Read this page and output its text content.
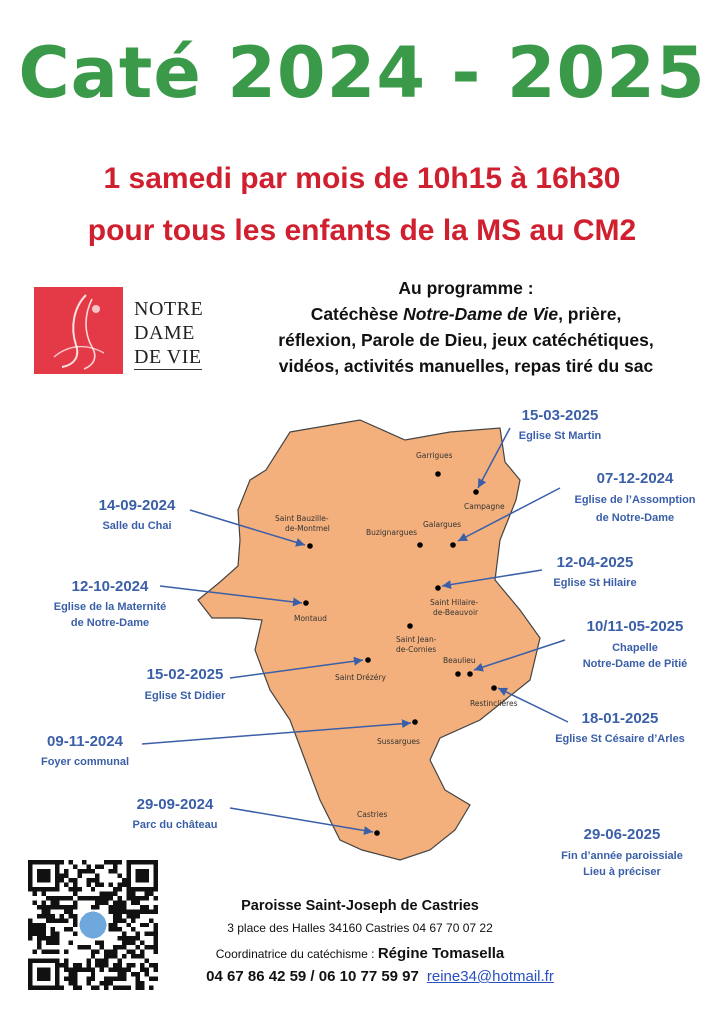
Caté 2024 - 2025
1 samedi par mois de 10h15 à 16h30
pour tous les enfants de la MS au CM2
NOTRE
DAME
DE VIE
Au programme :
Catéchèse Notre-Dame de Vie, prière,
réflexion, Parole de Dieu, jeux catéchétiques,
vidéos, activités manuelles, repas tiré du sac
Garrigues
Campagne
Saint Bauzille-
de-Montmel	Galargues
Buzignargues
Saint Hilaire-
de-Beauvoir
Montaud
Saint Jean-
de-Cornies
Beaulieu
Saint Drézéry
Restinclières
Sussargues
Castries
15-03-2025
Eglise St Martin
07-12-2024
Eglise de l’Assomption
de Notre-Dame
12-04-2025
Eglise St Hilaire
10/11-05-2025
Chapelle
Notre-Dame de Pitié
18-01-2025
Eglise St Césaire d’Arles
29-06-2025
Fin d’année paroissiale
Lieu à préciser
14-09-2024
Salle du Chai
12-10-2024
Eglise de la Maternité
de Notre-Dame
15-02-2025
Eglise St Didier
09-11-2024
Foyer communal
29-09-2024
Parc du château
Paroisse Saint-Joseph de Castries
3 place des Halles 34160 Castries 04 67 70 07 22
Coordinatrice du catéchisme : Régine Tomasella
04 67 86 42 59 / 06 10 77 59 97 reine34@hotmail.fr
